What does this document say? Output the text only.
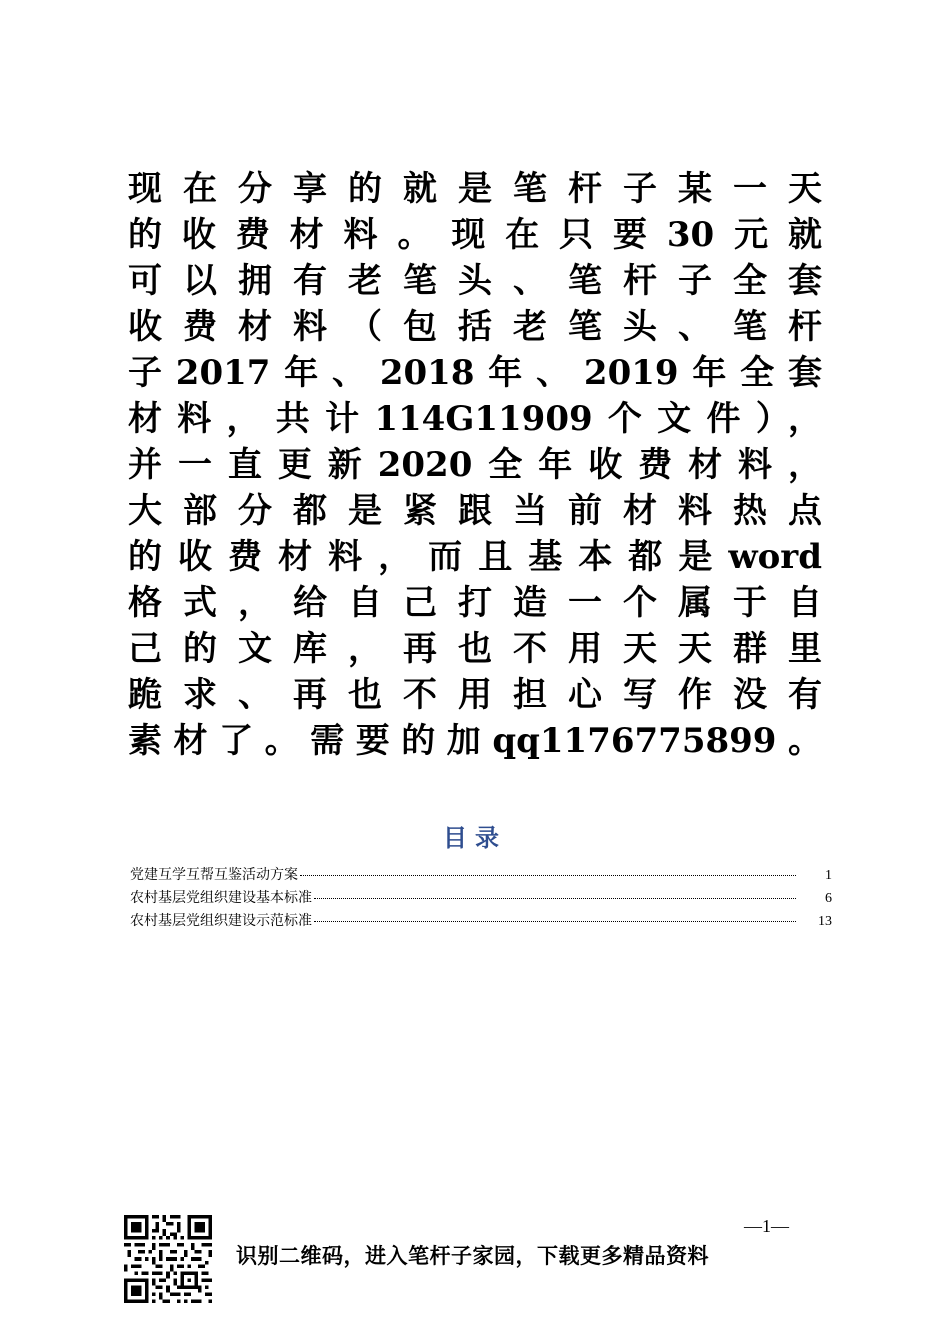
现在分享的就是笔杆子某一天
的收费材料。现在只要30元就
可以拥有老笔头、笔杆子全套
收费材料（包括老笔头、笔杆
子2017年、2018年、2019年全套
材料，共计114G11909个文件），
并一直更新2020全年收费材料，
大部分都是紧跟当前材料热点
的收费材料，而且基本都是word
格式，给自己打造一个属于自
己的文库，再也不用天天群里
跪求、再也不用担心写作没有
素材了。需要的加qq1176775899。
目录
党建互学互帮互鉴活动方案	1
农村基层党组织建设基本标准	6
农村基层党组织建设示范标准	13
—1—
识别二维码，进入笔杆子家园，下载更多精品资料
